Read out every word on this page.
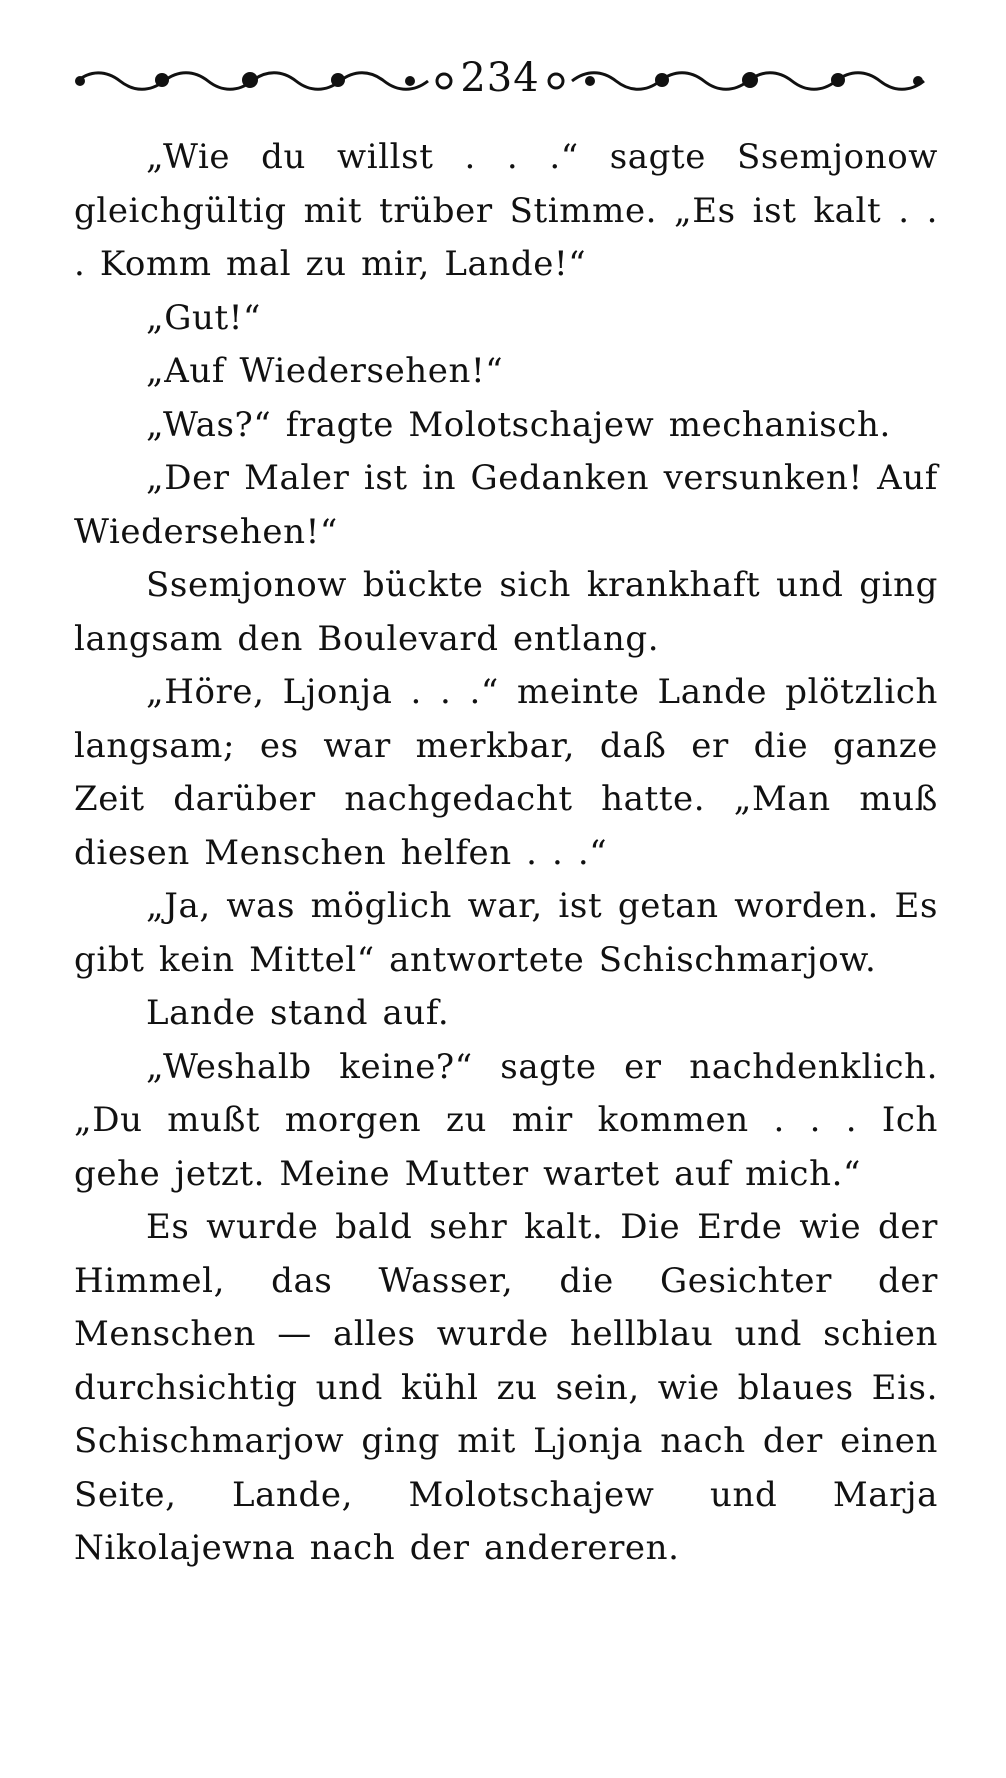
234

„Wie du willst . . .“ sagte Ssemjonow gleichgültig mit trüber Stimme. „Es ist kalt . . . Komm mal zu mir, Lande!“

„Gut!“

„Auf Wiedersehen!“

„Was?“ fragte Molotschajew mechanisch.

„Der Maler ist in Gedanken versunken! Auf Wiedersehen!“

Ssemjonow bückte sich krankhaft und ging langsam den Boulevard entlang.

„Höre, Ljonja . . .“ meinte Lande plötzlich langsam; es war merkbar, daß er die ganze Zeit darüber nachgedacht hatte. „Man muß diesen Menschen helfen . . .“

„Ja, was möglich war, ist getan worden. Es gibt kein Mittel“ antwortete Schischmarjow.

Lande stand auf.

„Weshalb keine?“ sagte er nachdenklich. „Du mußt morgen zu mir kommen . . . Ich gehe jetzt. Meine Mutter wartet auf mich.“

Es wurde bald sehr kalt. Die Erde wie der Himmel, das Wasser, die Gesichter der Menschen — alles wurde hellblau und schien durchsichtig und kühl zu sein, wie blaues Eis. Schischmarjow ging mit Ljonja nach der einen Seite, Lande, Molotschajew und Marja Nikolajewna nach der andereren.
